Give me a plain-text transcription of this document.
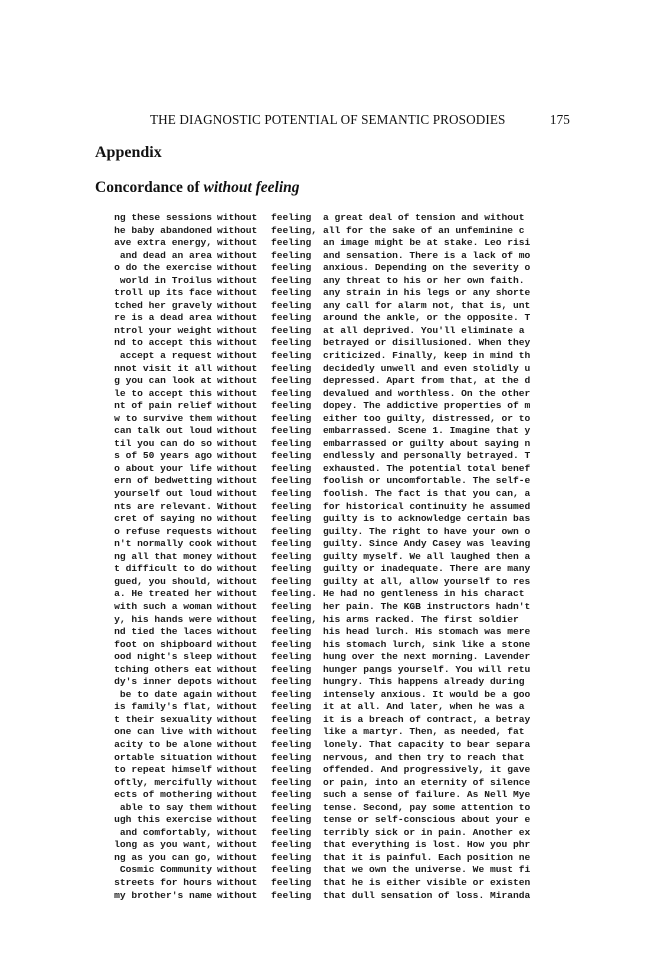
THE DIAGNOSTIC POTENTIAL OF SEMANTIC PROSODIES	175
Appendix
Concordance of without feeling
ng these sessions without feeling a great deal of tension and without
he baby abandoned without feeling, all for the sake of an unfeminine c
ave extra energy, without feeling an image might be at stake. Leo risi
and dead an area without feeling and sensation. There is a lack of mo
o do the exercise without feeling anxious. Depending on the severity o
world in Troilus without feeling any threat to his or her own faith.
troll up its face without feeling any strain in his legs or any shorte
tched her gravely without feeling any call for alarm not, that is, unt
re is a dead area without feeling around the ankle, or the opposite. T
ntrol your weight without feeling at all deprived. You'll eliminate a
nd to accept this without feeling betrayed or disillusioned. When they
accept a request without feeling criticized. Finally, keep in mind th
nnot visit it all without feeling decidedly unwell and even stolidly u
g you can look at without feeling depressed. Apart from that, at the d
le to accept this without feeling devalued and worthless. On the other
nt of pain relief without feeling dopey. The addictive properties of m
w to survive them without feeling either too guilty, distressed, or to
can talk out loud without feeling embarrassed. Scene 1. Imagine that y
til you can do so without feeling embarrassed or guilty about saying n
s of 50 years ago without feeling endlessly and personally betrayed. T
o about your life without feeling exhausted. The potential total benef
ern of bedwetting without feeling foolish or uncomfortable. The self-e
yourself out loud without feeling foolish. The fact is that you can, a
nts are relevant. Without feeling for historical continuity he assumed
cret of saying no without feeling guilty is to acknowledge certain bas
o refuse requests without feeling guilty. The right to have your own o
n't normally cook without feeling guilty. Since Andy Casey was leaving
ng all that money without feeling guilty myself. We all laughed then a
t difficult to do without feeling guilty or inadequate. There are many
gued, you should, without feeling guilty at all, allow yourself to res
a. He treated her without feeling. He had no gentleness in his charact
with such a woman without feeling her pain. The KGB instructors hadn't
y, his hands were without feeling, his arms racked. The first soldier
nd tied the laces without feeling his head lurch. His stomach was mere
foot on shipboard without feeling his stomach lurch, sink like a stone
ood night's sleep without feeling hung over the next morning. Lavender
tching others eat without feeling hunger pangs yourself. You will retu
dy's inner depots without feeling hungry. This happens already during
be to date again without feeling intensely anxious. It would be a goo
is family's flat, without feeling it at all. And later, when he was a
t their sexuality without feeling it is a breach of contract, a betray
one can live with without feeling like a martyr. Then, as needed, fat
acity to be alone without feeling lonely. That capacity to bear separa
ortable situation without feeling nervous, and then try to reach that
to repeat himself without feeling offended. And progressively, it gave
oftly, mercifully without feeling or pain, into an eternity of silence
ects of mothering without feeling such a sense of failure. As Nell Mye
able to say them without feeling tense. Second, pay some attention to
ugh this exercise without feeling tense or self-conscious about your e
and comfortably, without feeling terribly sick or in pain. Another ex
long as you want, without feeling that everything is lost. How you phr
ng as you can go, without feeling that it is painful. Each position ne
Cosmic Community without feeling that we own the universe. We must fi
streets for hours without feeling that he is either visible or existen
my brother's name without feeling that dull sensation of loss. Miranda
